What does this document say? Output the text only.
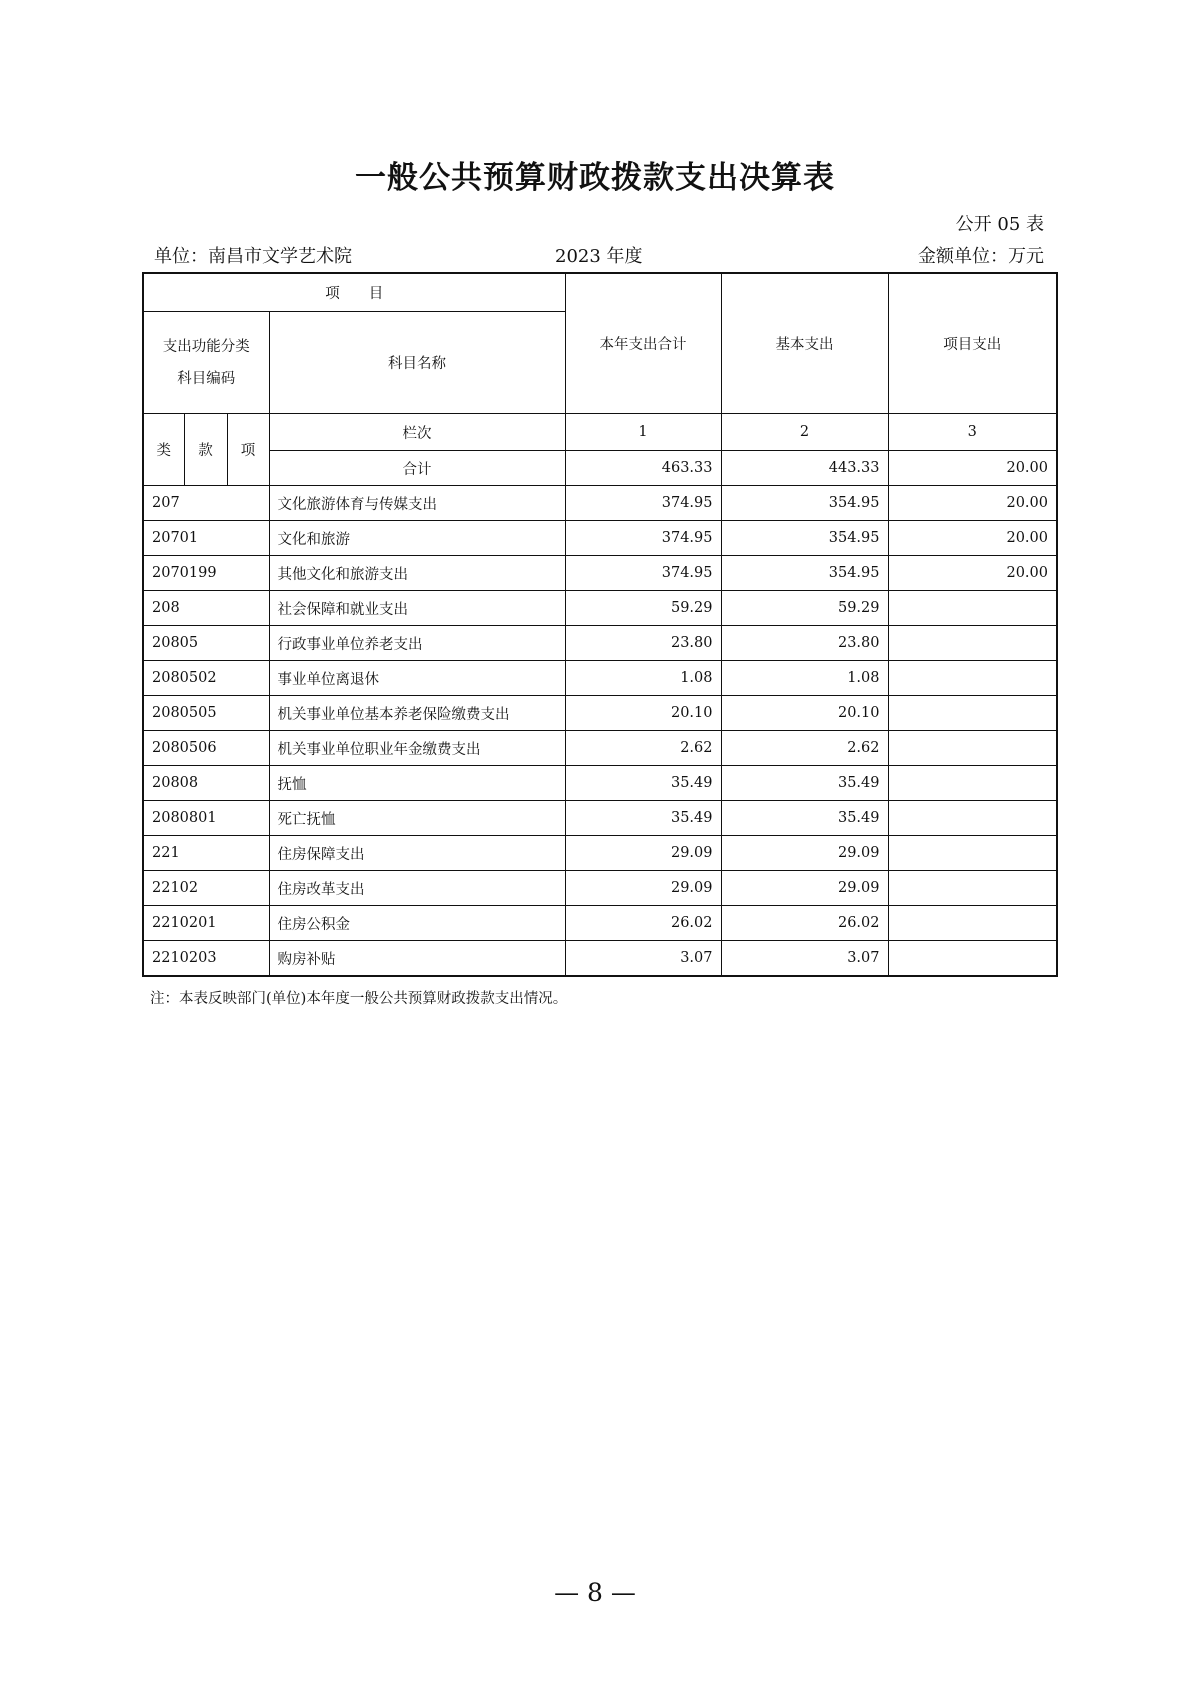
一般公共预算财政拨款支出决算表
公开 05 表
单位：南昌市文学艺术院	2023 年度	金额单位：万元
项　　目				本年支出合计	基本支出	项目支出

支出功能分类科目编码			科目名称			
类	款	项	栏次	1	2	3
			合计	463.33	443.33	20.00
207			文化旅游体育与传媒支出	374.95	354.95	20.00
20701			文化和旅游	374.95	354.95	20.00
2070199			其他文化和旅游支出	374.95	354.95	20.00
208			社会保障和就业支出	59.29	59.29	
20805			行政事业单位养老支出	23.80	23.80	
2080502			事业单位离退休	1.08	1.08	
2080505			机关事业单位基本养老保险缴费支出	20.10	20.10	
2080506			机关事业单位职业年金缴费支出	2.62	2.62	
20808			抚恤	35.49	35.49	
2080801			死亡抚恤	35.49	35.49	
221			住房保障支出	29.09	29.09	
22102			住房改革支出	29.09	29.09	
2210201			住房公积金	26.02	26.02	
2210203			购房补贴	3.07	3.07	
注：本表反映部门(单位)本年度一般公共预算财政拨款支出情况。
— 8 —
